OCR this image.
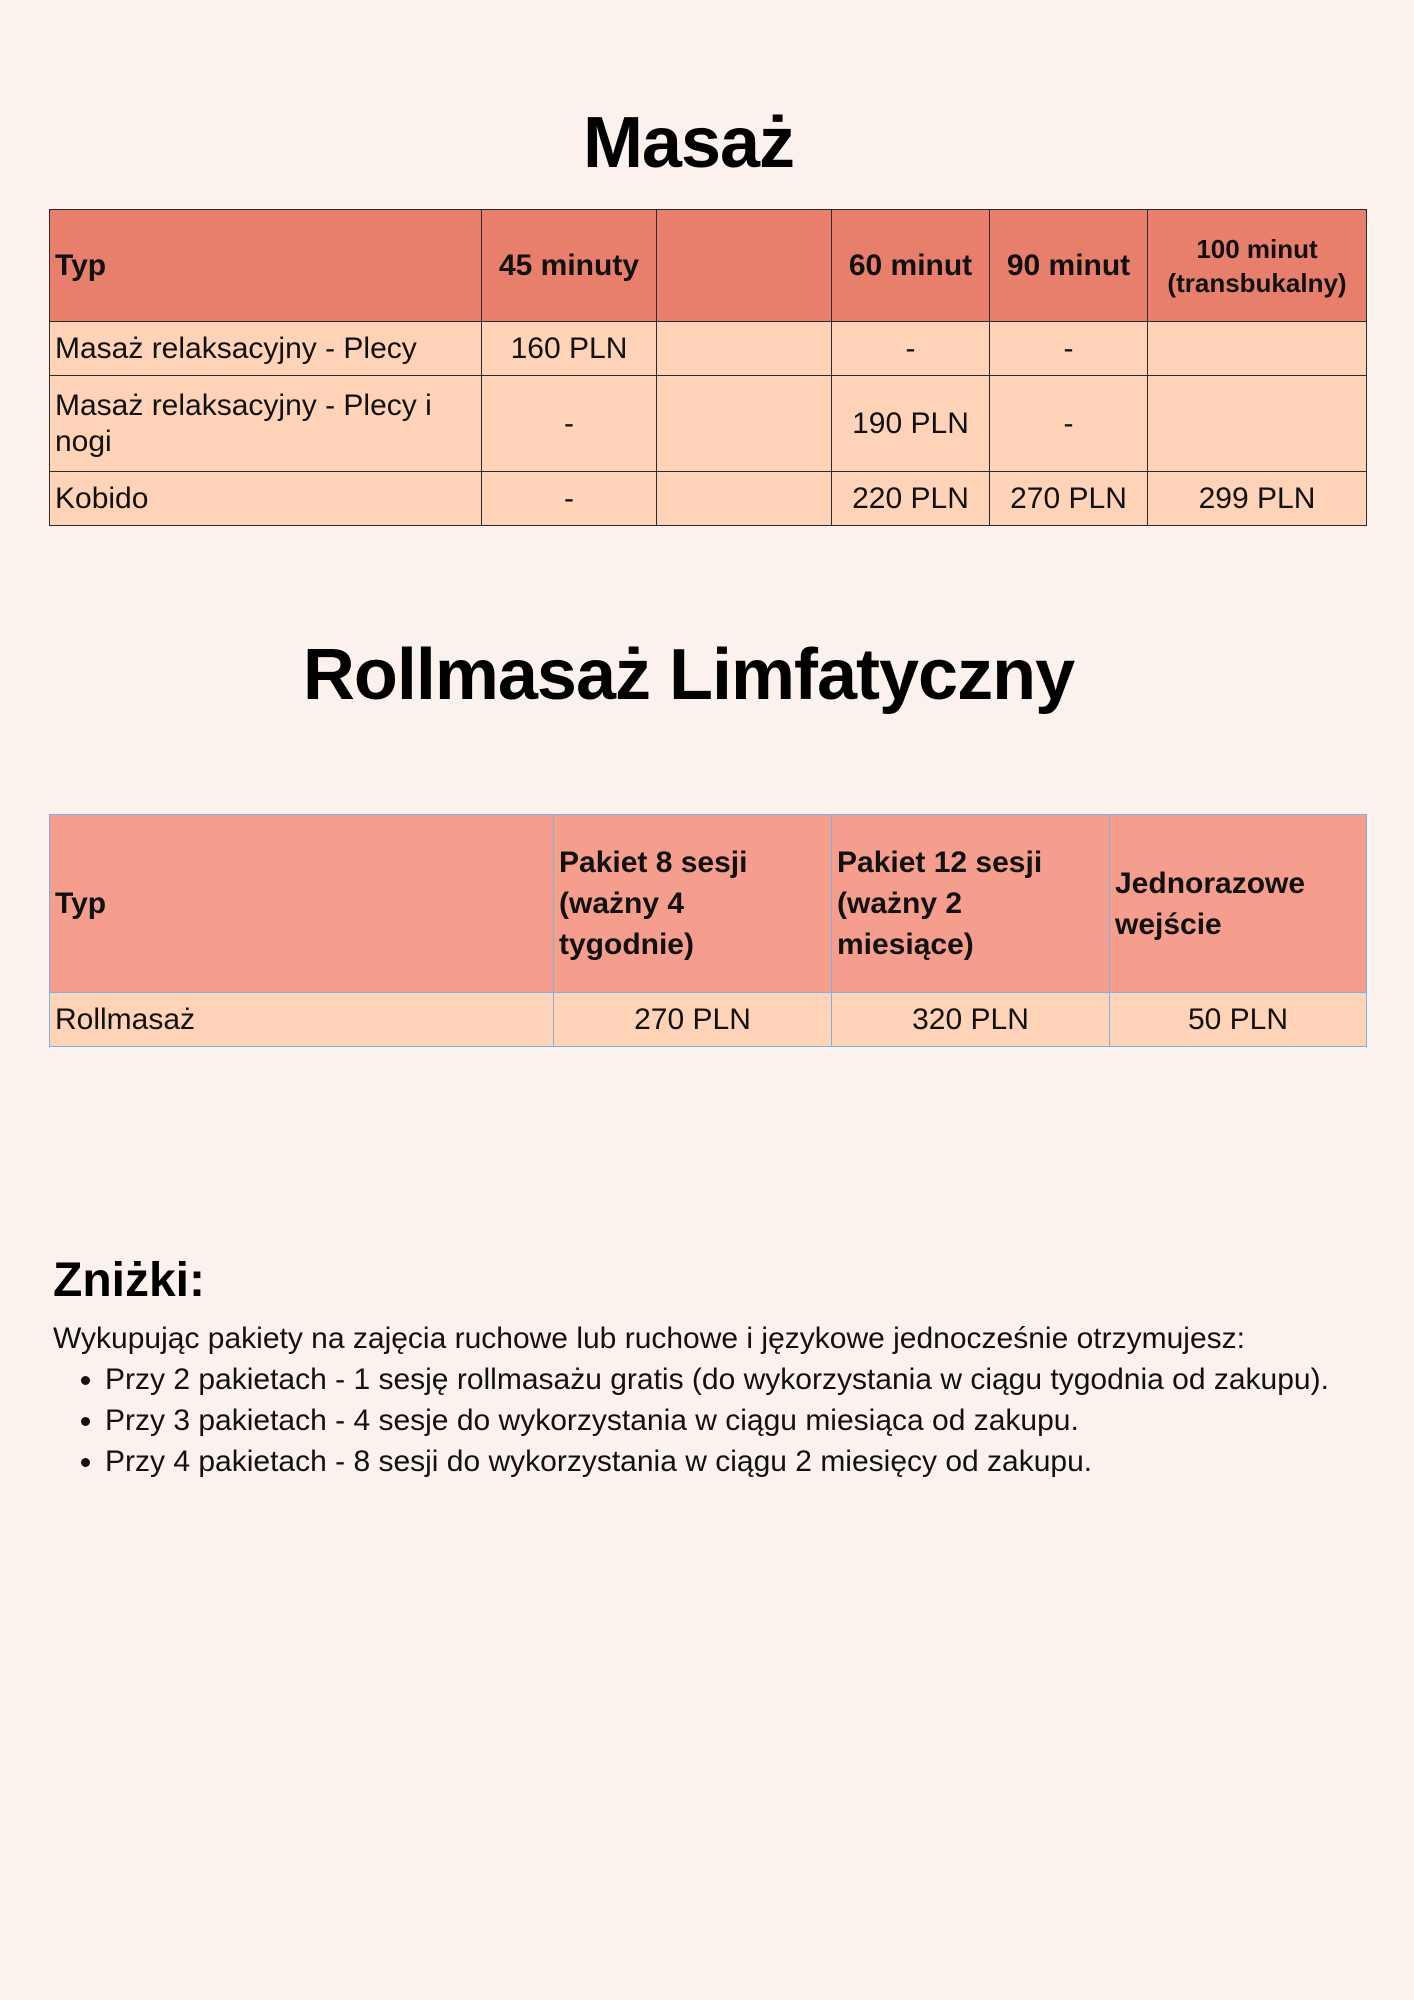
Masaż
Typ	45 minuty		60 minut	90 minut	100 minut (transbukalny)
Masaż relaksacyjny - Plecy	160 PLN		-	-	
Masaż relaksacyjny - Plecy i nogi	-		190 PLN	-	
Kobido	-		220 PLN	270 PLN	299 PLN
Rollmasaż Limfatyczny
Typ	Pakiet 8 sesji (ważny 4 tygodnie)	Pakiet 12 sesji (ważny 2 miesiące)	Jednorazowe wejście
Rollmasaż	270 PLN	320 PLN	50 PLN
Zniżki:

Wykupując pakiety na zajęcia ruchowe lub ruchowe i językowe jednocześnie otrzymujesz:

• Przy 2 pakietach - 1 sesję rollmasażu gratis (do wykorzystania w ciągu tygodnia od zakupu).
• Przy 3 pakietach - 4 sesje do wykorzystania w ciągu miesiąca od zakupu.
• Przy 4 pakietach - 8 sesji do wykorzystania w ciągu 2 miesięcy od zakupu.
